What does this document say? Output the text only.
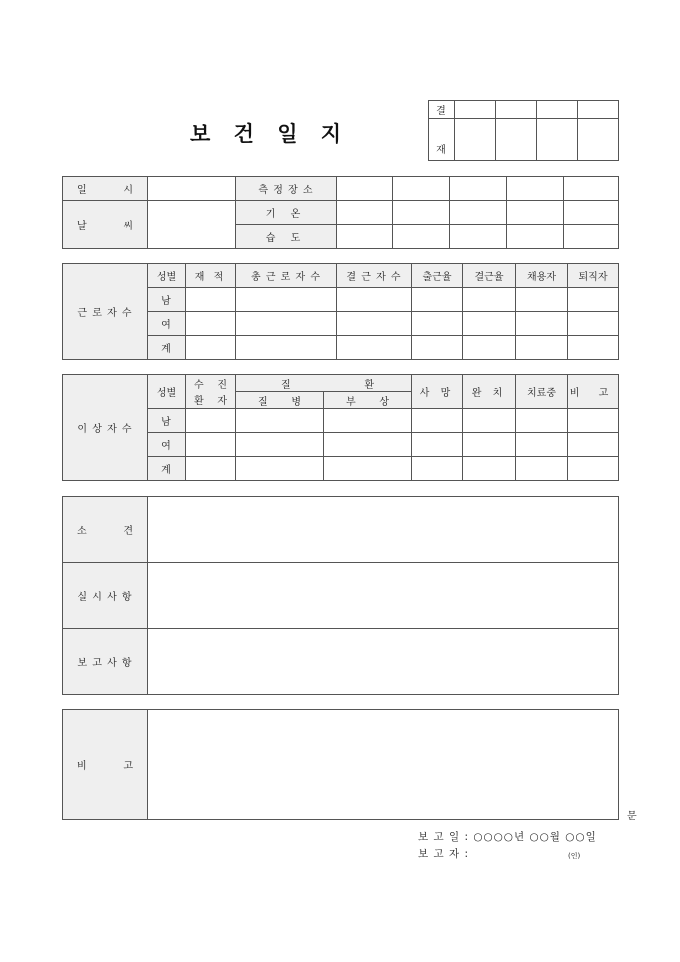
보 건 일 지
결				
재				
일 시		측 정 장 소					

날 씨		기 온					
		습 도					
근 로 자 수	성별	재 적	총 근 로 자 수	결 근 자 수	출근율	결근율	채용자	퇴직자
	남							
	여							
	계							
이 상 자 수	성별	수 진	질 환		사 망	완 치	치료중	비 고

		환 자	질 병	부 상				

	남							
	여							
	계							
소 견	

실 시 사 항	
보 고 사 항	
비	고

문
보 고 일 : ○○○○년 ○○월 ○○일
보 고 자 :	(인)
